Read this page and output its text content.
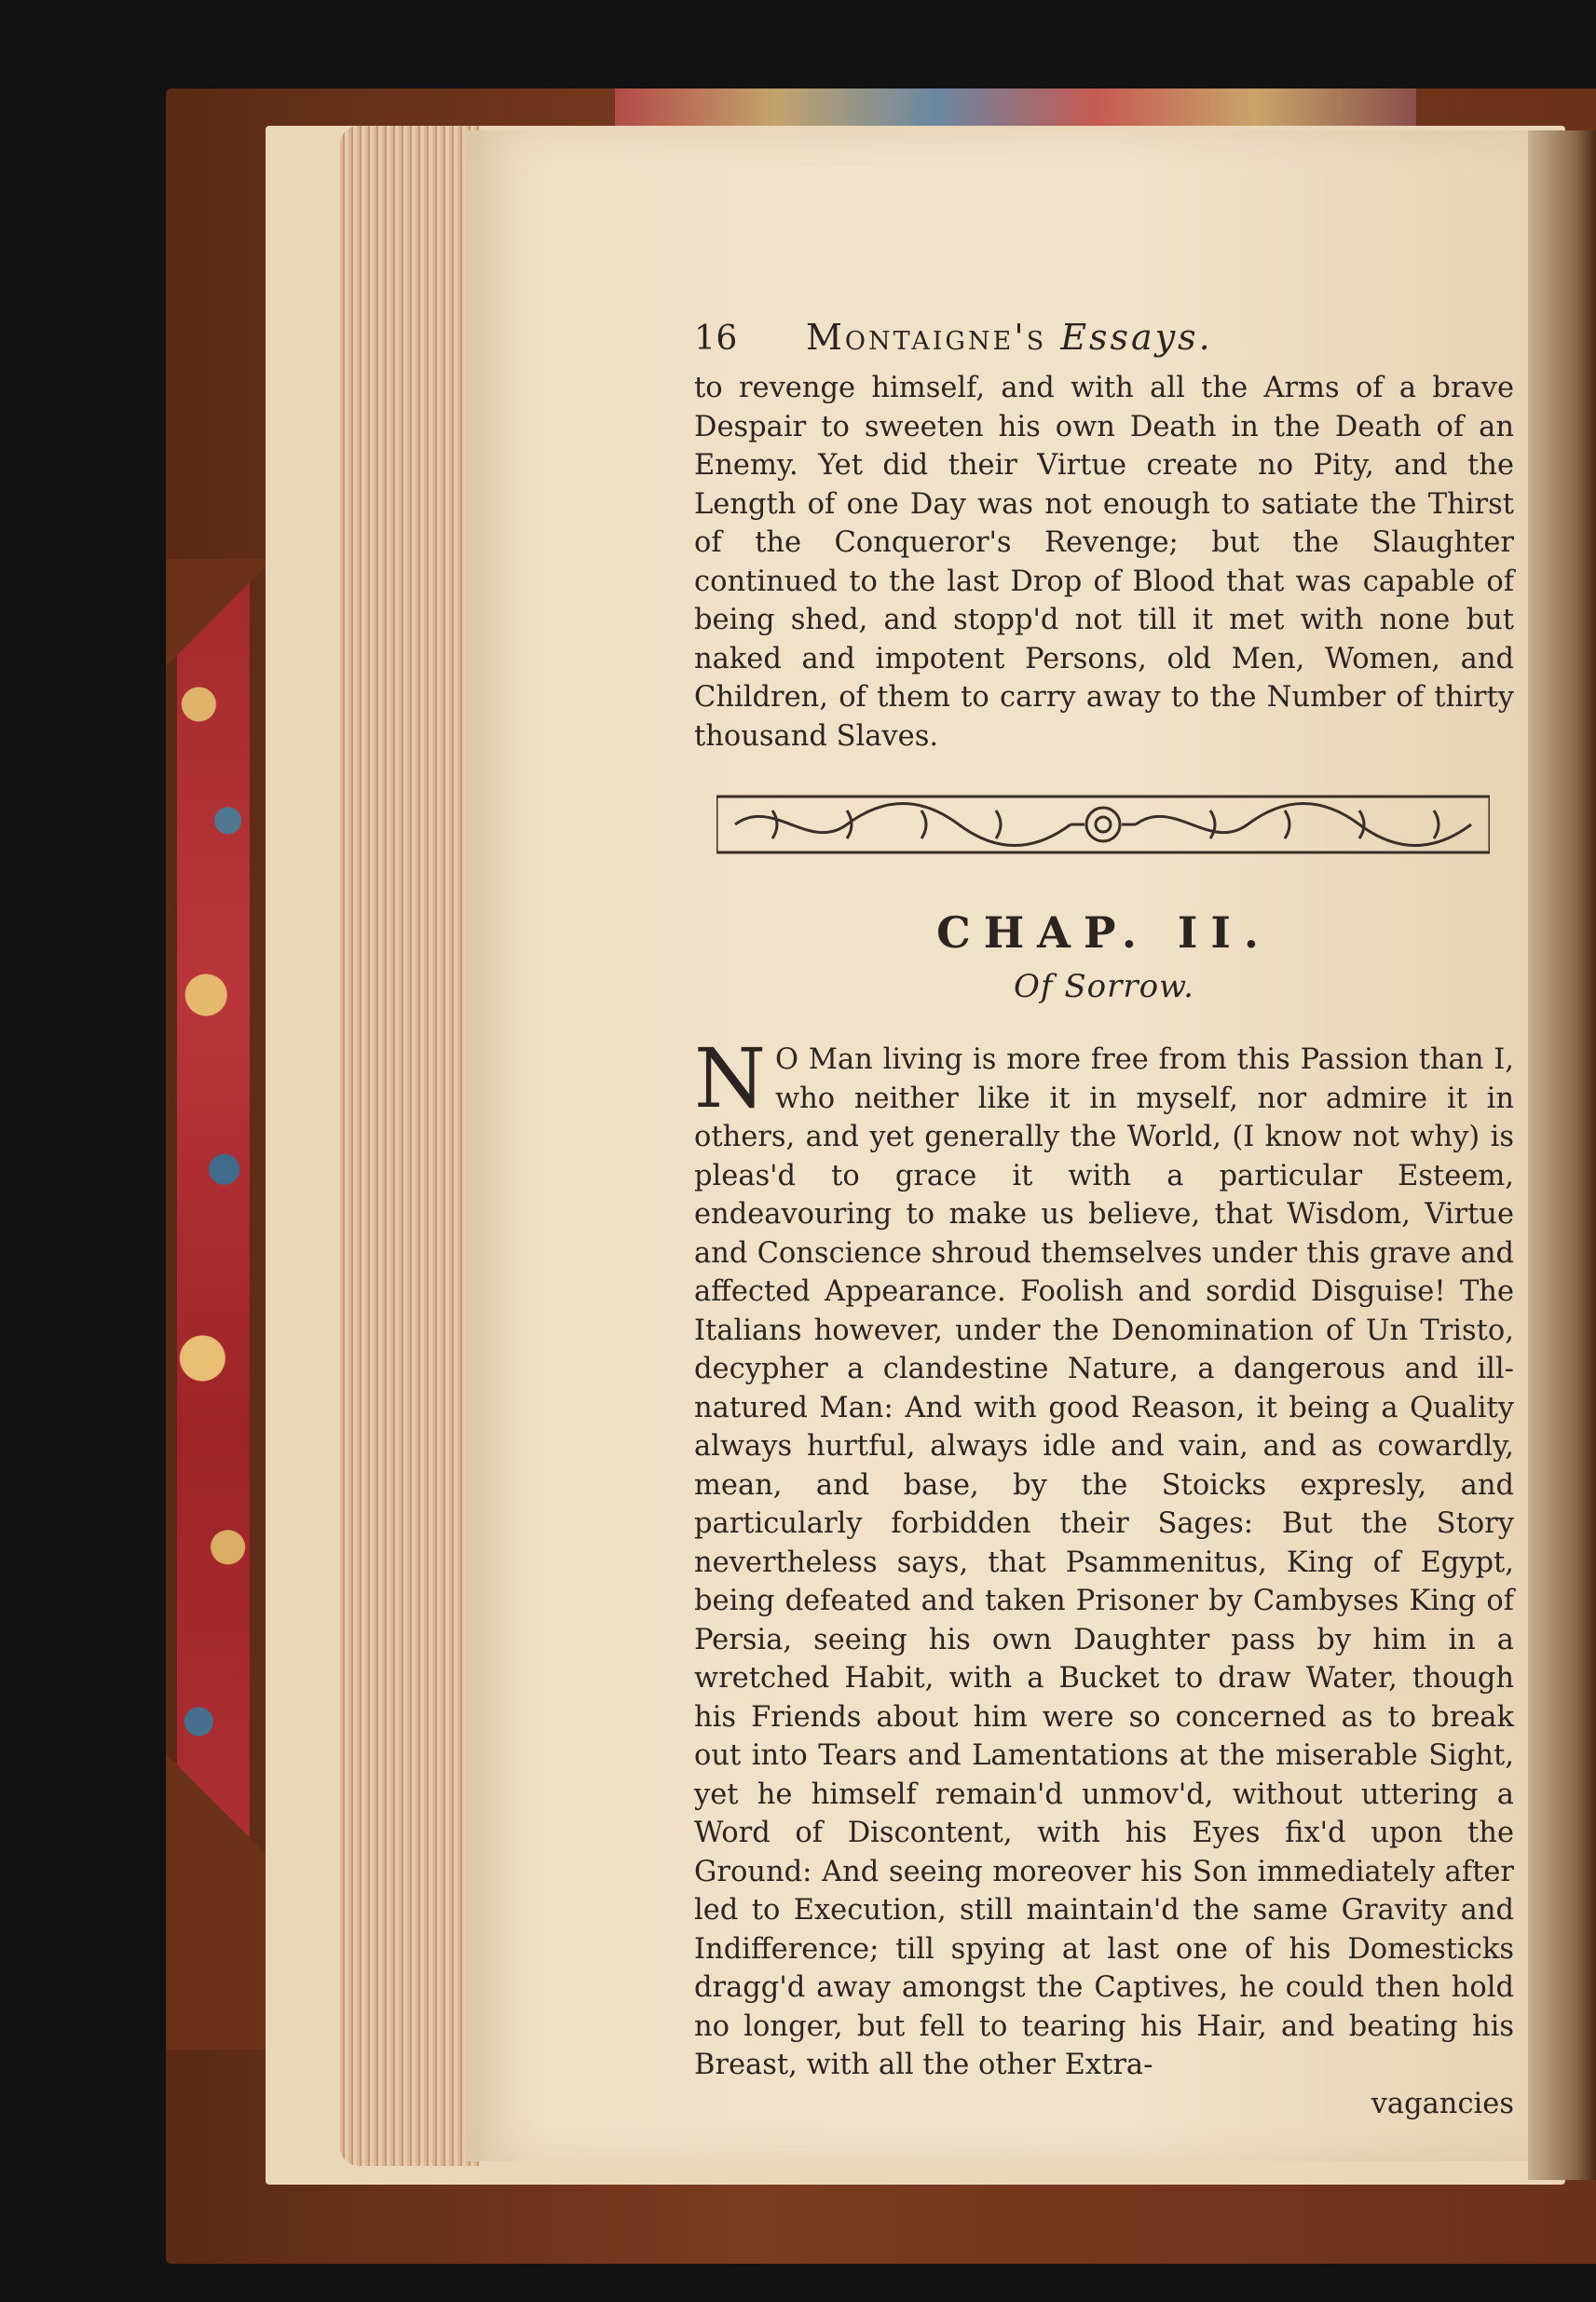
16	Montaigne's Essays.

to revenge himself, and with all the Arms of a brave Despair to sweeten his own Death in the Death of an Enemy. Yet did their Virtue create no Pity, and the Length of one Day was not enough to satiate the Thirst of the Conqueror's Revenge; but the Slaughter continued to the last Drop of Blood that was capable of being shed, and stopp'd not till it met with none but naked and impotent Persons, old Men, Women, and Children, of them to carry away to the Number of thirty thousand Slaves.

CHAP. II.
Of Sorrow.

N O Man living is more free from this Passion than I, who neither like it in myself, nor admire it in others, and yet generally the World, (I know not why) is pleas'd to grace it with a particular Esteem, endeavouring to make us believe, that Wisdom, Virtue and Conscience shroud themselves under this grave and affected Appearance. Foolish and sordid Disguise! The Italians however, under the Denomination of Un Tristo, decypher a clandestine Nature, a dangerous and ill-natured Man: And with good Reason, it being a Quality always hurtful, always idle and vain, and as cowardly, mean, and base, by the Stoicks expresly, and particularly forbidden their Sages: But the Story nevertheless says, that Psammenitus, King of Egypt, being defeated and taken Prisoner by Cambyses King of Persia, seeing his own Daughter pass by him in a wretched Habit, with a Bucket to draw Water, though his Friends about him were so concerned as to break out into Tears and Lamentations at the miserable Sight, yet he himself remain'd unmov'd, without uttering a Word of Discontent, with his Eyes fix'd upon the Ground: And seeing moreover his Son immediately after led to Execution, still maintain'd the same Gravity and Indifference; till spying at last one of his Domesticks dragg'd away amongst the Captives, he could then hold no longer, but fell to tearing his Hair, and beating his Breast, with all the other Extra-

vagancies
